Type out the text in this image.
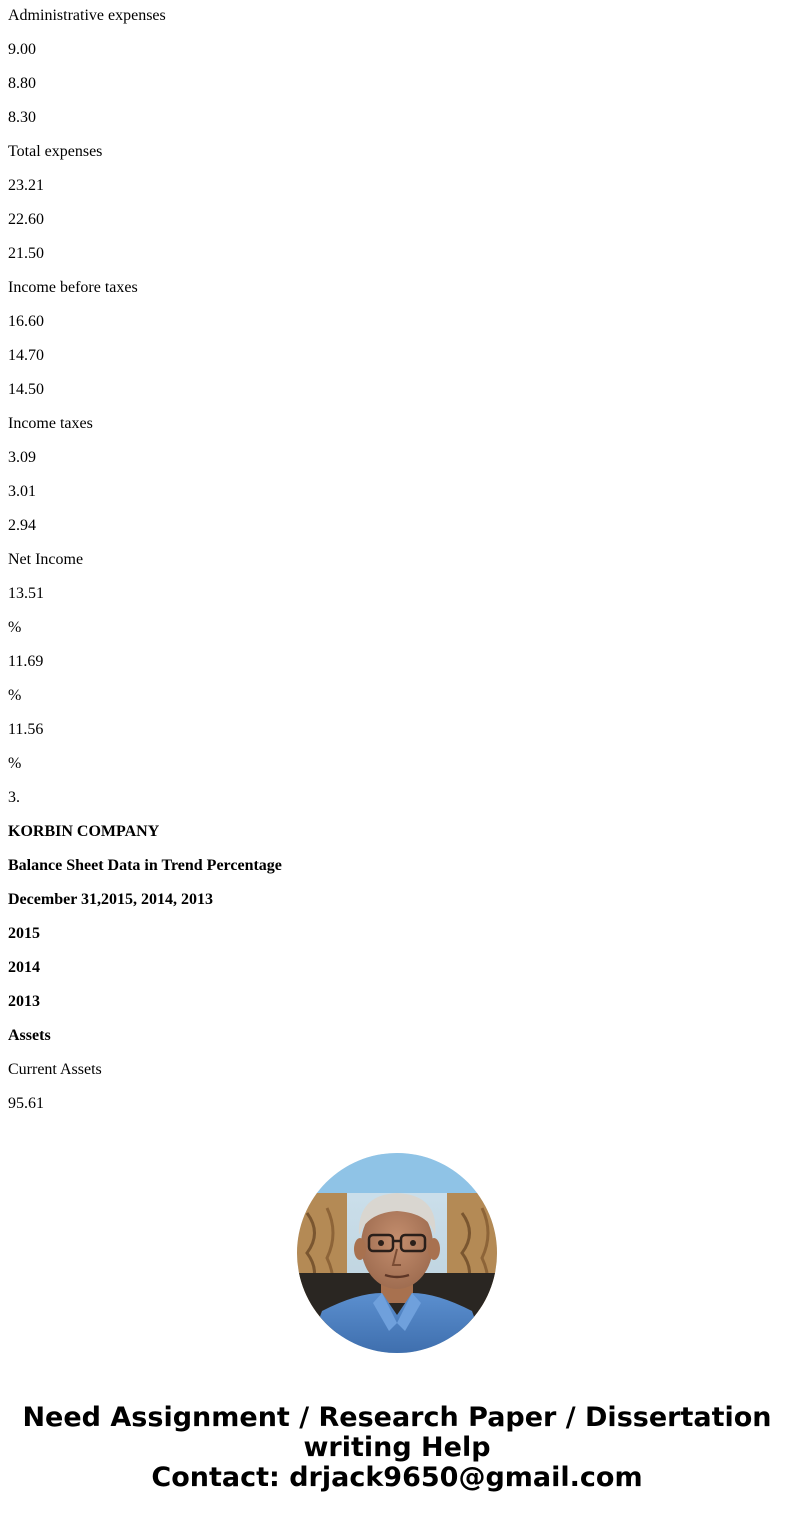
Administrative expenses
9.00
8.80
8.30
Total expenses
23.21
22.60
21.50
Income before taxes
16.60
14.70
14.50
Income taxes
3.09
3.01
2.94
Net Income
13.51
%
11.69
%
11.56
%
3.
KORBIN COMPANY
Balance Sheet Data in Trend Percentage
December 31,2015, 2014, 2013
2015
2014
2013
Assets
Current Assets
95.61
Need Assignment / Research Paper / Dissertation
writing Help
Contact: drjack9650@gmail.com
